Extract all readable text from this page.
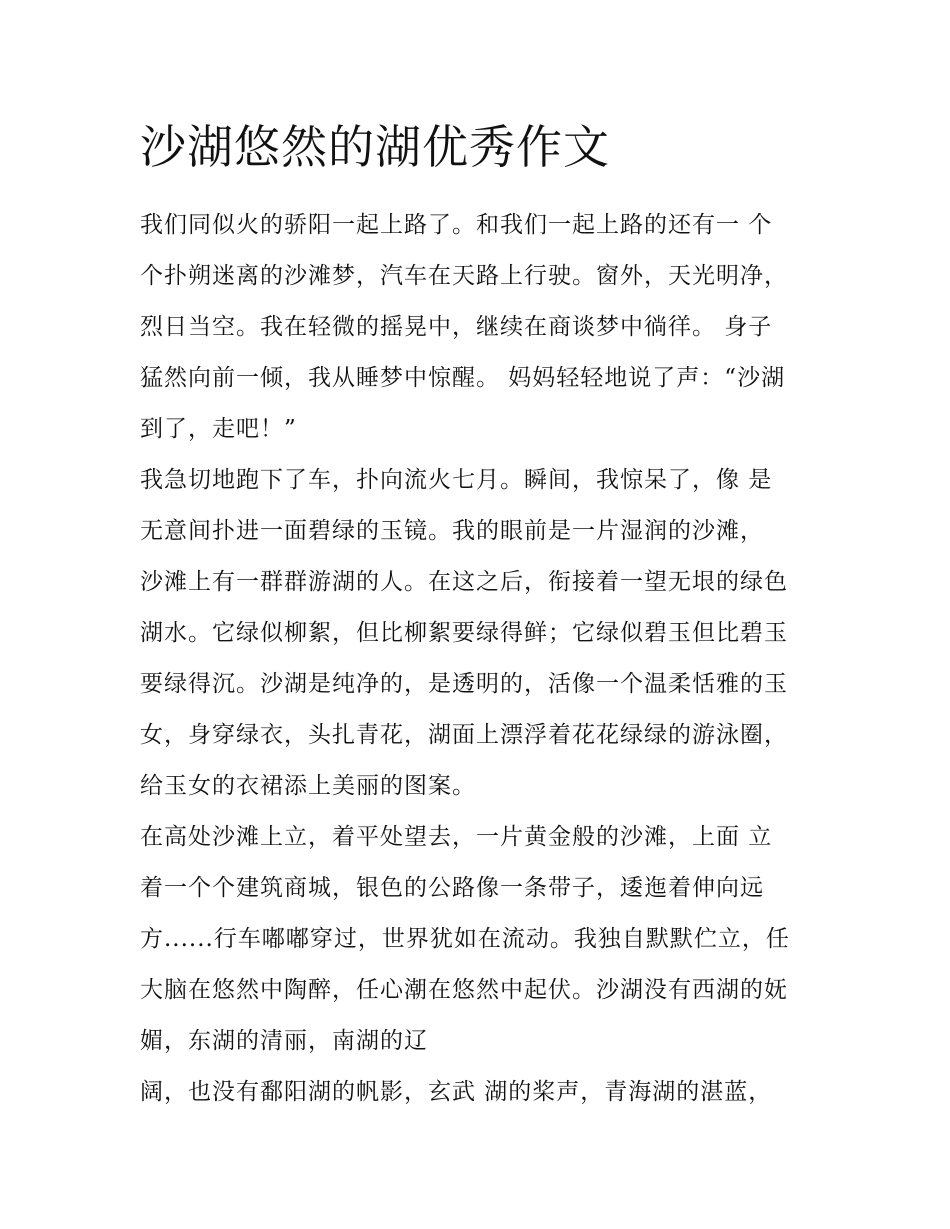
沙湖悠然的湖优秀作文
我们同似火的骄阳一起上路了。和我们一起上路的还有一 个
个扑朔迷离的沙滩梦，汽车在天路上行驶。窗外，天光明净，
烈日当空。我在轻微的摇晃中，继续在商谈梦中徜徉。 身子
猛然向前一倾，我从睡梦中惊醒。 妈妈轻轻地说了声：“沙湖
到了，走吧！”
我急切地跑下了车，扑向流火七月。瞬间，我惊呆了，像 是
无意间扑进一面碧绿的玉镜。我的眼前是一片湿润的沙滩，
沙滩上有一群群游湖的人。在这之后，衔接着一望无垠的绿色
湖水。它绿似柳絮，但比柳絮要绿得鲜；它绿似碧玉但比碧玉
要绿得沉。沙湖是纯净的，是透明的，活像一个温柔恬雅的玉
女，身穿绿衣，头扎青花，湖面上漂浮着花花绿绿的游泳圈，
给玉女的衣裙添上美丽的图案。
在高处沙滩上立，着平处望去，一片黄金般的沙滩，上面 立
着一个个建筑商城，银色的公路像一条带子，逶迤着伸向远
方......行车嘟嘟穿过，世界犹如在流动。我独自默默伫立，任
大脑在悠然中陶醉，任心潮在悠然中起伏。沙湖没有西湖的妩
媚，东湖的清丽，南湖的辽
阔，也没有鄱阳湖的帆影，玄武 湖的桨声，青海湖的湛蓝，
